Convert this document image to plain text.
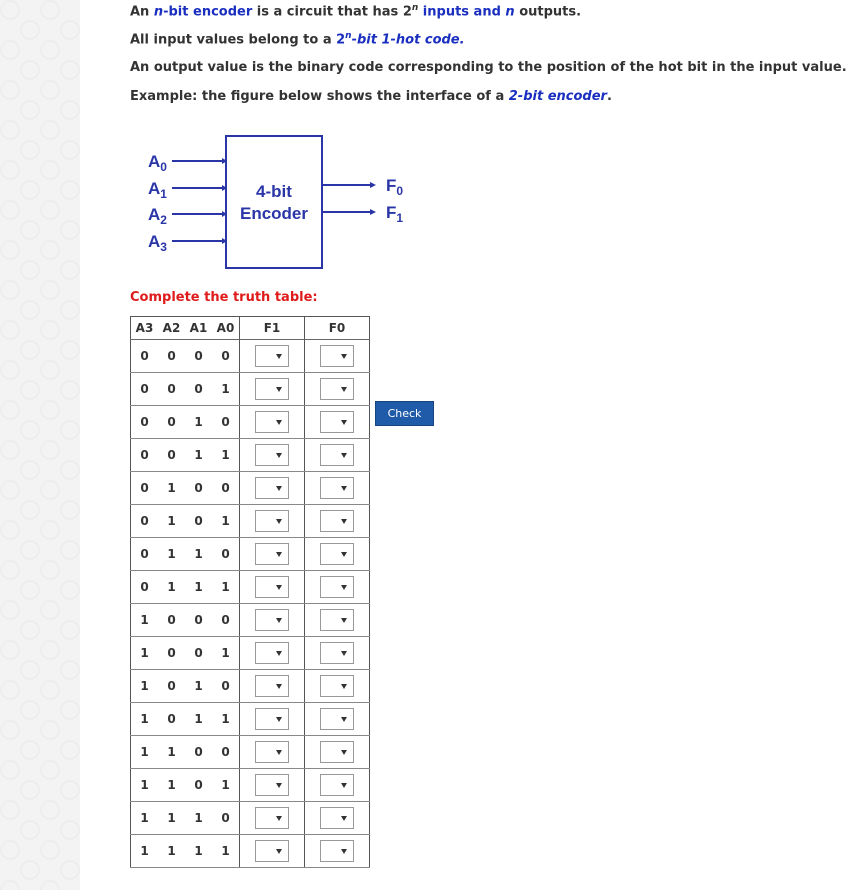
An n-bit encoder is a circuit that has 2$^n$ inputs and n outputs.
All input values belong to a 2$^n$-bit 1-hot code.
An output value is the binary code corresponding to the position of the hot bit in the input value.
Example: the figure below shows the interface of a 2-bit encoder.
$A_0$
$A_1$
$A_2$
$A_3$
4-bit
Encoder
$F_0$
$F_1$
Complete the truth table:
A3	A2	A1	A0	F1	F0
0	0	0	0		
0	0	0	1		
0	0	1	0		
0	0	1	1		
0	1	0	0		
0	1	0	1		
0	1	1	0		
0	1	1	1		
1	0	0	0		
1	0	0	1		
1	0	1	0		
1	0	1	1		
1	1	0	0		
1	1	0	1		
1	1	1	0		
1	1	1	1		
Check
